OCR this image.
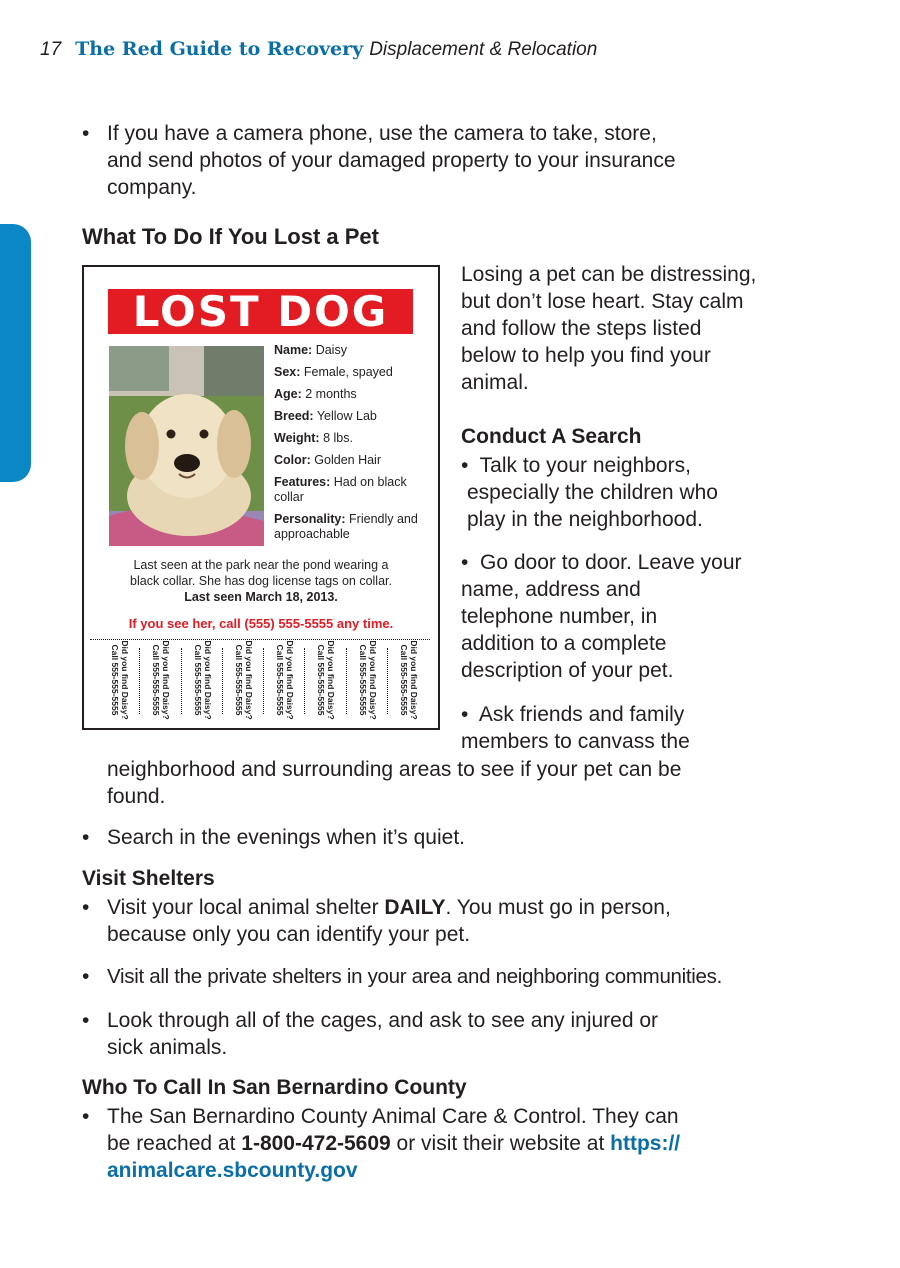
17 The Red Guide to Recovery Displacement & Relocation
• If you have a camera phone, use the camera to take, store,
and send photos of your damaged property to your insurance
company.
What To Do If You Lost a Pet
LOST DOG
Name: Daisy
Sex: Female, spayed
Age: 2 months
Breed: Yellow Lab
Weight: 8 lbs.
Color: Golden Hair
Features: Had on black collar
Personality: Friendly and approachable
Last seen at the park near the pond wearing a
black collar. She has dog license tags on collar.
Last seen March 18, 2013.
If you see her, call (555) 555-5555 any time.
Did you find Daisy?
Call 555-555-5555	Did you find Daisy?
Call 555-555-5555	Did you find Daisy?
Call 555-555-5555	Did you find Daisy?
Call 555-555-5555	Did you find Daisy?
Call 555-555-5555	Did you find Daisy?
Call 555-555-5555	Did you find Daisy?
Call 555-555-5555	Did you find Daisy?
Call 555-555-5555
Losing a pet can be distressing,
but don’t lose heart. Stay calm
and follow the steps listed
below to help you find your
animal.
Conduct A Search
• Talk to your neighbors,
especially the children who
play in the neighborhood.
• Go door to door. Leave your
name, address and
telephone number, in
addition to a complete
description of your pet.
• Ask friends and family
members to canvass the
neighborhood and surrounding areas to see if your pet can be
found.
• Search in the evenings when it’s quiet.
Visit Shelters
• Visit your local animal shelter DAILY. You must go in person,
because only you can identify your pet.
• Visit all the private shelters in your area and neighboring communities.
• Look through all of the cages, and ask to see any injured or
sick animals.
Who To Call In San Bernardino County
• The San Bernardino County Animal Care & Control. They can
be reached at 1-800-472-5609 or visit their website at https://
animalcare.sbcounty.gov
